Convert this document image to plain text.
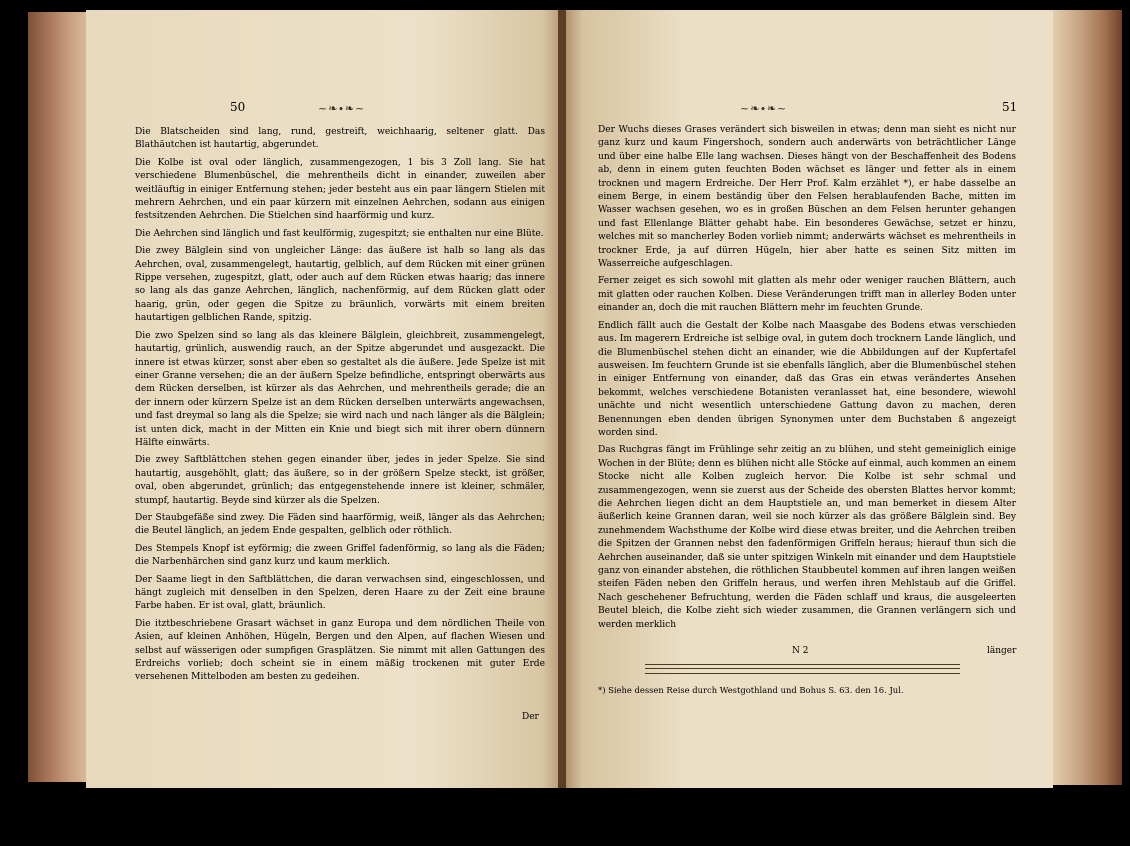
50	~❧∙❧~

Die Blatscheiden sind lang, rund, gestreift, weichhaarig, seltener glatt. Das Blathäutchen ist hautartig, abgerundet.

Die Kolbe ist oval oder länglich, zusammengezogen, 1 bis 3 Zoll lang. Sie hat verschiedene Blumenbüschel, die mehrentheils dicht in einander, zuweilen aber weitläuftig in einiger Entfernung stehen; jeder besteht aus ein paar längern Stielen mit mehrern Aehrchen, und ein paar kürzern mit einzelnen Aehrchen, sodann aus einigen festsitzenden Aehrchen. Die Stielchen sind haarförmig und kurz.

Die Aehrchen sind länglich und fast keulförmig, zugespitzt; sie enthalten nur eine Blüte.

Die zwey Bälglein sind von ungleicher Länge: das äußere ist halb so lang als das Aehrchen, oval, zusammengelegt, hautartig, gelblich, auf dem Rücken mit einer grünen Rippe versehen, zugespitzt, glatt, oder auch auf dem Rücken etwas haarig; das innere so lang als das ganze Aehrchen, länglich, nachenförmig, auf dem Rücken glatt oder haarig, grün, oder gegen die Spitze zu bräunlich, vorwärts mit einem breiten hautartigen gelblichen Rande, spitzig.

Die zwo Spelzen sind so lang als das kleinere Bälglein, gleichbreit, zusammengelegt, hautartig, grünlich, auswendig rauch, an der Spitze abgerundet und ausgezackt. Die innere ist etwas kürzer, sonst aber eben so gestaltet als die äußere. Jede Spelze ist mit einer Granne versehen; die an der äußern Spelze befindliche, entspringt oberwärts aus dem Rücken derselben, ist kürzer als das Aehrchen, und mehrentheils gerade; die an der innern oder kürzern Spelze ist an dem Rücken derselben unterwärts angewachsen, und fast dreymal so lang als die Spelze; sie wird nach und nach länger als die Bälglein; ist unten dick, macht in der Mitten ein Knie und biegt sich mit ihrer obern dünnern Hälfte einwärts.

Die zwey Saftblättchen stehen gegen einander über, jedes in jeder Spelze. Sie sind hautartig, ausgehöhlt, glatt; das äußere, so in der größern Spelze steckt, ist größer, oval, oben abgerundet, grünlich; das entgegenstehende innere ist kleiner, schmäler, stumpf, hautartig. Beyde sind kürzer als die Spelzen.

Der Staubgefäße sind zwey. Die Fäden sind haarförmig, weiß, länger als das Aehrchen; die Beutel länglich, an jedem Ende gespalten, gelblich oder röthlich.

Des Stempels Knopf ist eyförmig; die zween Griffel fadenförmig, so lang als die Fäden; die Narbenhärchen sind ganz kurz und kaum merklich.

Der Saame liegt in den Saftblättchen, die daran verwachsen sind, eingeschlossen, und hängt zugleich mit denselben in den Spelzen, deren Haare zu der Zeit eine braune Farbe haben. Er ist oval, glatt, bräunlich.

Die itztbeschriebene Grasart wächset in ganz Europa und dem nördlichen Theile von Asien, auf kleinen Anhöhen, Hügeln, Bergen und den Alpen, auf flachen Wiesen und selbst auf wässerigen oder sumpfigen Grasplätzen. Sie nimmt mit allen Gattungen des Erdreichs vorlieb; doch scheint sie in einem mäßig trockenen mit guter Erde versehenen Mittelboden am besten zu gedeihen.

Der
~❧∙❧~	51

Der Wuchs dieses Grases verändert sich bisweilen in etwas; denn man sieht es nicht nur ganz kurz und kaum Fingershoch, sondern auch anderwärts von beträchtlicher Länge und über eine halbe Elle lang wachsen. Dieses hängt von der Beschaffenheit des Bodens ab, denn in einem guten feuchten Boden wächset es länger und fetter als in einem trocknen und magern Erdreiche. Der Herr Prof. Kalm erzählet *), er habe dasselbe an einem Berge, in einem beständig über den Felsen herablaufenden Bache, mitten im Wasser wachsen gesehen, wo es in großen Büschen an dem Felsen herunter gehangen und fast Ellenlange Blätter gehabt habe. Ein besonderes Gewächse, setzet er hinzu, welches mit so mancherley Boden vorlieb nimmt; anderwärts wächset es mehrentheils in trockner Erde, ja auf dürren Hügeln, hier aber hatte es seinen Sitz mitten im Wasserreiche aufgeschlagen.

Ferner zeiget es sich sowohl mit glatten als mehr oder weniger rauchen Blättern, auch mit glatten oder rauchen Kolben. Diese Veränderungen trifft man in allerley Boden unter einander an, doch die mit rauchen Blättern mehr im feuchten Grunde.

Endlich fällt auch die Gestalt der Kolbe nach Maasgabe des Bodens etwas verschieden aus. Im magerern Erdreiche ist selbige oval, in gutem doch trocknern Lande länglich, und die Blumenbüschel stehen dicht an einander, wie die Abbildungen auf der Kupfertafel ausweisen. Im feuchtern Grunde ist sie ebenfalls länglich, aber die Blumenbüschel stehen in einiger Entfernung von einander, daß das Gras ein etwas verändertes Ansehen bekommt, welches verschiedene Botanisten veranlasset hat, eine besondere, wiewohl unächte und nicht wesentlich unterschiedene Gattung davon zu machen, deren Benennungen eben denden übrigen Synonymen unter dem Buchstaben ß angezeigt worden sind.

Das Ruchgras fängt im Frühlinge sehr zeitig an zu blühen, und steht gemeiniglich einige Wochen in der Blüte; denn es blühen nicht alle Stöcke auf einmal, auch kommen an einem Stocke nicht alle Kolben zugleich hervor. Die Kolbe ist sehr schmal und zusammengezogen, wenn sie zuerst aus der Scheide des obersten Blattes hervor kommt; die Aehrchen liegen dicht an dem Hauptstiele an, und man bemerket in diesem Alter äußerlich keine Grannen daran, weil sie noch kürzer als das größere Bälglein sind. Bey zunehmendem Wachsthume der Kolbe wird diese etwas breiter, und die Aehrchen treiben die Spitzen der Grannen nebst den fadenförmigen Griffeln heraus; hierauf thun sich die Aehrchen auseinander, daß sie unter spitzigen Winkeln mit einander und dem Hauptstiele ganz von einander abstehen, die röthlichen Staubbeutel kommen auf ihren langen weißen steifen Fäden neben den Griffeln heraus, und werfen ihren Mehlstaub auf die Griffel. Nach geschehener Befruchtung, werden die Fäden schlaff und kraus, die ausgeleerten Beutel bleich, die Kolbe zieht sich wieder zusammen, die Grannen verlängern sich und werden merklich

N 2	länger
*) Siehe dessen Reise durch Westgothland und Bohus S. 63. den 16. Jul.
